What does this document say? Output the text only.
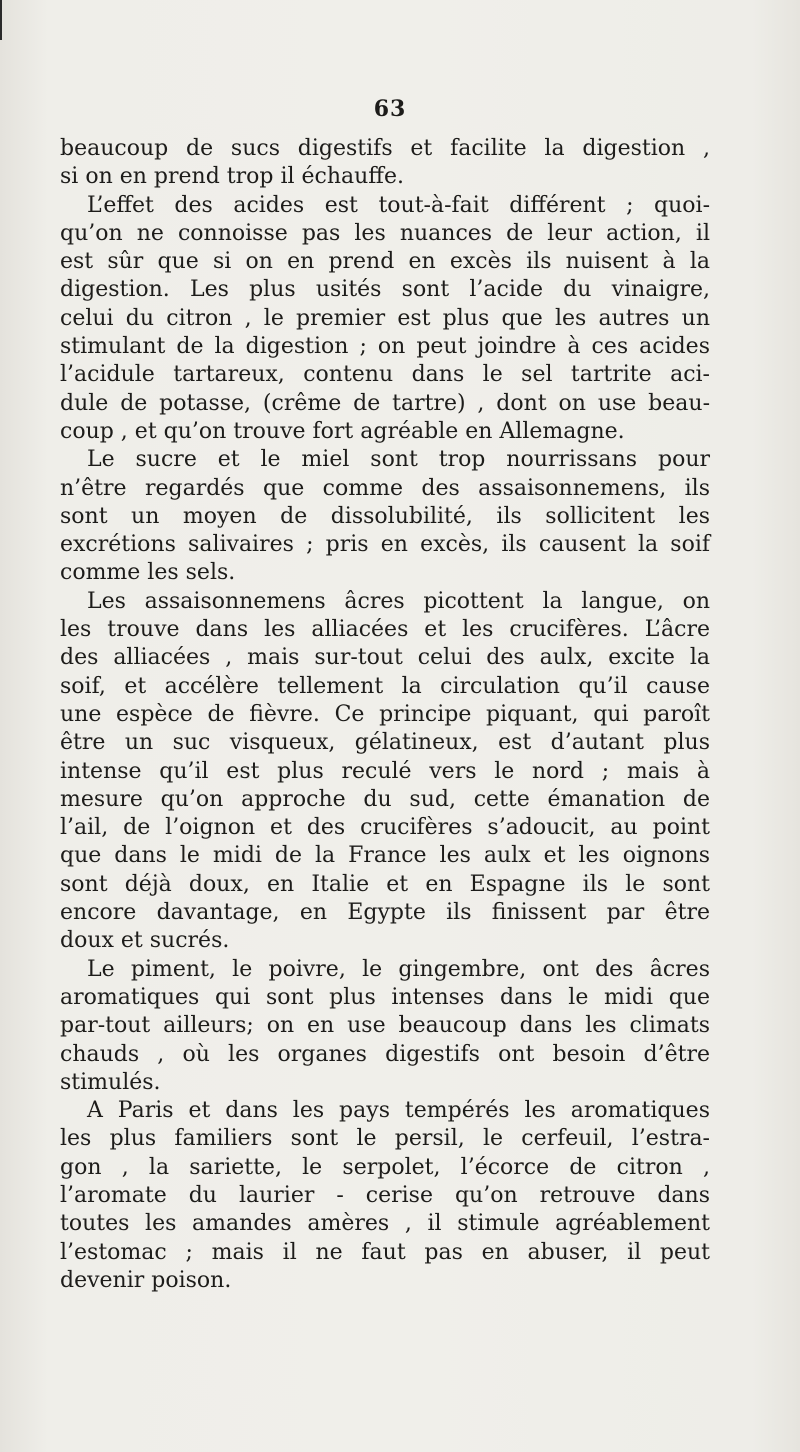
63
beaucoup de sucs digestifs et facilite la digestion ,
si on en prend trop il échauffe.
L’effet des acides est tout-à-fait différent ; quoi-
qu’on ne connoisse pas les nuances de leur action, il
est sûr que si on en prend en excès ils nuisent à la
digestion. Les plus usités sont l’acide du vinaigre,
celui du citron , le premier est plus que les autres un
stimulant de la digestion ; on peut joindre à ces acides
l’acidule tartareux, contenu dans le sel tartrite aci-
dule de potasse, (crême de tartre) , dont on use beau-
coup , et qu’on trouve fort agréable en Allemagne.
Le sucre et le miel sont trop nourrissans pour
n’être regardés que comme des assaisonnemens, ils
sont un moyen de dissolubilité, ils sollicitent les
excrétions salivaires ; pris en excès, ils causent la soif
comme les sels.
Les assaisonnemens âcres picottent la langue, on
les trouve dans les alliacées et les crucifères. L’âcre
des alliacées , mais sur-tout celui des aulx, excite la
soif, et accélère tellement la circulation qu’il cause
une espèce de fièvre. Ce principe piquant, qui paroît
être un suc visqueux, gélatineux, est d’autant plus
intense qu’il est plus reculé vers le nord ; mais à
mesure qu’on approche du sud, cette émanation de
l’ail, de l’oignon et des crucifères s’adoucit, au point
que dans le midi de la France les aulx et les oignons
sont déjà doux, en Italie et en Espagne ils le sont
encore davantage, en Egypte ils finissent par être
doux et sucrés.
Le piment, le poivre, le gingembre, ont des âcres
aromatiques qui sont plus intenses dans le midi que
par-tout ailleurs; on en use beaucoup dans les climats
chauds , où les organes digestifs ont besoin d’être
stimulés.
A Paris et dans les pays tempérés les aromatiques
les plus familiers sont le persil, le cerfeuil, l’estra-
gon , la sariette, le serpolet, l’écorce de citron ,
l’aromate du laurier - cerise qu’on retrouve dans
toutes les amandes amères , il stimule agréablement
l’estomac ; mais il ne faut pas en abuser, il peut
devenir poison.
